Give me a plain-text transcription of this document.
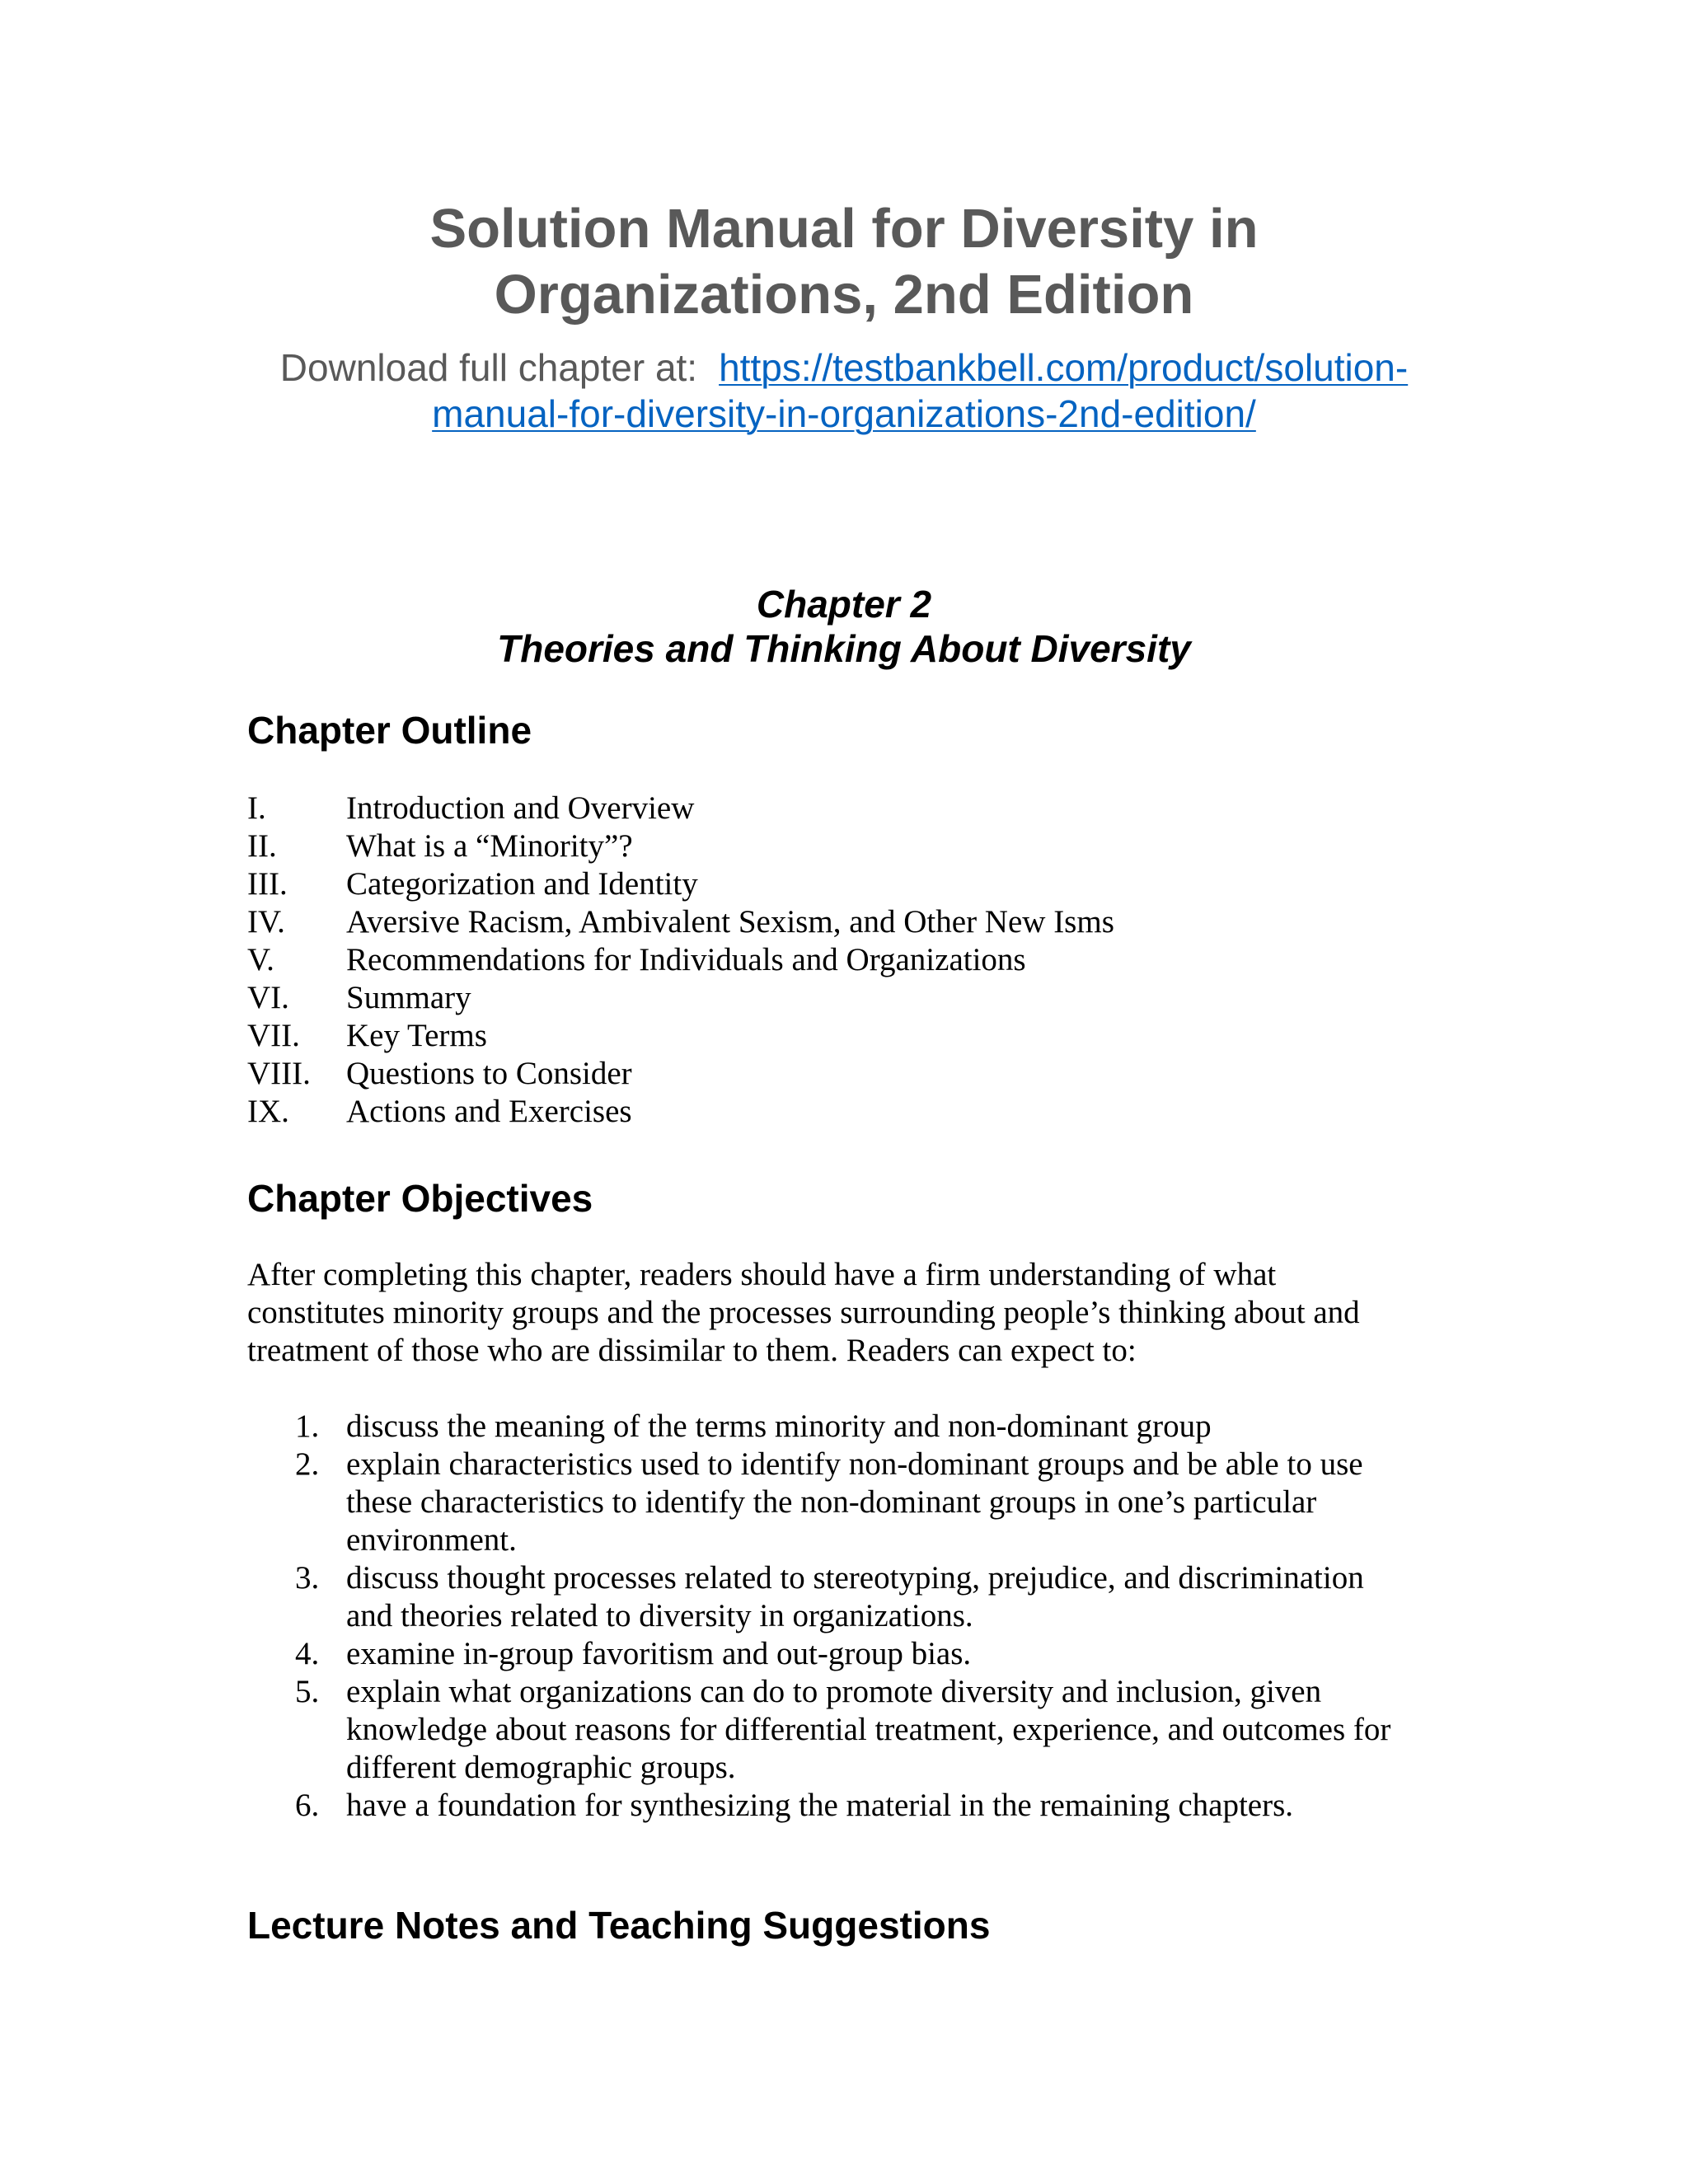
Solution Manual for Diversity in
Organizations, 2nd Edition
Download full chapter at: https://testbankbell.com/product/solution-
manual-for-diversity-in-organizations-2nd-edition/
Chapter 2
Theories and Thinking About Diversity
Chapter Outline
I. Introduction and Overview
II. What is a “Minority”?
III. Categorization and Identity
IV. Aversive Racism, Ambivalent Sexism, and Other New Isms
V. Recommendations for Individuals and Organizations
VI. Summary
VII. Key Terms
VIII. Questions to Consider
IX. Actions and Exercises
Chapter Objectives

After completing this chapter, readers should have a firm understanding of what
constitutes minority groups and the processes surrounding people’s thinking about and
treatment of those who are dissimilar to them. Readers can expect to:

1. discuss the meaning of the terms minority and non-dominant group
2. explain characteristics used to identify non-dominant groups and be able to use
these characteristics to identify the non-dominant groups in one’s particular
environment.
3. discuss thought processes related to stereotyping, prejudice, and discrimination
and theories related to diversity in organizations.
4. examine in-group favoritism and out-group bias.
5. explain what organizations can do to promote diversity and inclusion, given
knowledge about reasons for differential treatment, experience, and outcomes for
different demographic groups.
6. have a foundation for synthesizing the material in the remaining chapters.
Lecture Notes and Teaching Suggestions
